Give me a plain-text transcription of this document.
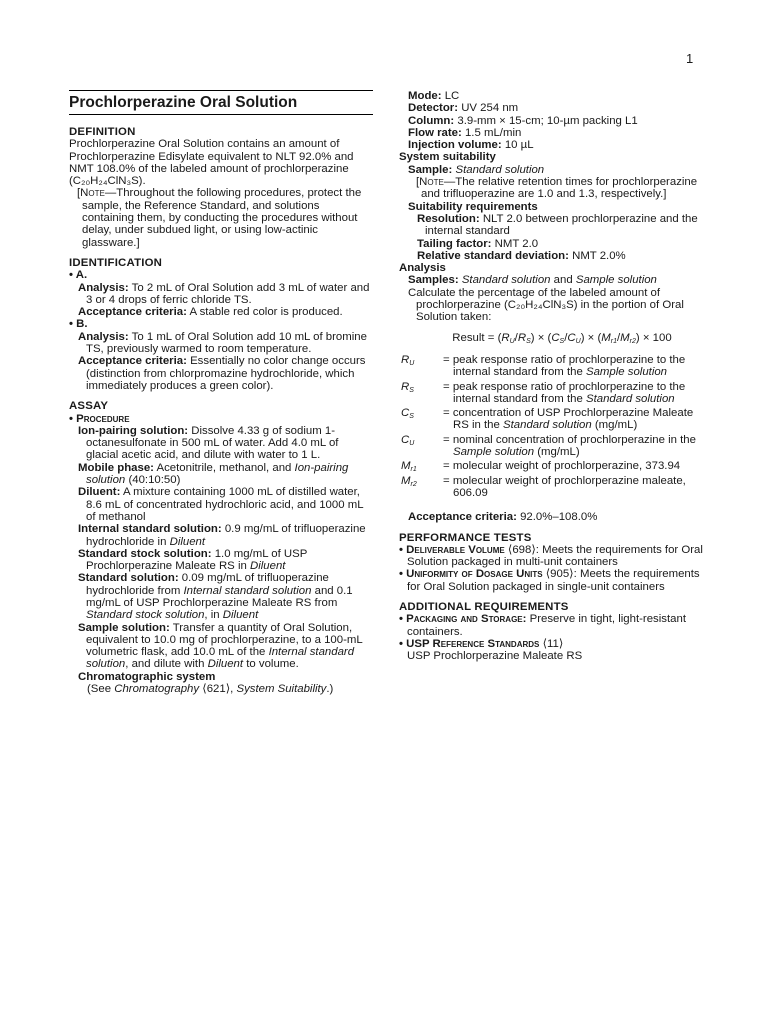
1
Prochlorperazine Oral Solution
DEFINITION

Prochlorperazine Oral Solution contains an amount of Prochlorperazine Edisylate equivalent to NLT 92.0% and NMT 108.0% of the labeled amount of prochlorperazine (C₂₀H₂₄ClN₃S).

[Note—Throughout the following procedures, protect the sample, the Reference Standard, and solutions containing them, by conducting the procedures without delay, under subdued light, or using low-actinic glassware.]

IDENTIFICATION

• A.

Analysis: To 2 mL of Oral Solution add 3 mL of water and 3 or 4 drops of ferric chloride TS.

Acceptance criteria: A stable red color is produced.

• B.

Analysis: To 1 mL of Oral Solution add 10 mL of bromine TS, previously warmed to room temperature.

Acceptance criteria: Essentially no color change occurs (distinction from chlorpromazine hydrochloride, which immediately produces a green color).

ASSAY

• Procedure

Ion-pairing solution: Dissolve 4.33 g of sodium 1-octanesulfonate in 500 mL of water. Add 4.0 mL of glacial acetic acid, and dilute with water to 1 L.

Mobile phase: Acetonitrile, methanol, and Ion-pairing solution (40:10:50)

Diluent: A mixture containing 1000 mL of distilled water, 8.6 mL of concentrated hydrochloric acid, and 1000 mL of methanol

Internal standard solution: 0.9 mg/mL of trifluoperazine hydrochloride in Diluent

Standard stock solution: 1.0 mg/mL of USP Prochlorperazine Maleate RS in Diluent

Standard solution: 0.09 mg/mL of trifluoperazine hydrochloride from Internal standard solution and 0.1 mg/mL of USP Prochlorperazine Maleate RS from Standard stock solution, in Diluent

Sample solution: Transfer a quantity of Oral Solution, equivalent to 10.0 mg of prochlorperazine, to a 100-mL volumetric flask, add 10.0 mL of the Internal standard solution, and dilute with Diluent to volume.

Chromatographic system

(See Chromatography ⟨621⟩, System Suitability.)

Mode: LC

Detector: UV 254 nm

Column: 3.9-mm × 15-cm; 10-µm packing L1

Flow rate: 1.5 mL/min

Injection volume: 10 µL

System suitability

Sample: Standard solution

[Note—The relative retention times for prochlorperazine and trifluoperazine are 1.0 and 1.3, respectively.]

Suitability requirements

Resolution: NLT 2.0 between prochlorperazine and the internal standard

Tailing factor: NMT 2.0

Relative standard deviation: NMT 2.0%

Analysis

Samples: Standard solution and Sample solution

Calculate the percentage of the labeled amount of prochlorperazine (C₂₀H₂₄ClN₃S) in the portion of Oral Solution taken:

Result = $(R_U/R_S) \times (C_S/C_U) \times (M_{r1}/M_{r2}) \times 100$
$R_U$	= peak response ratio of prochlorperazine to the internal standard from the Sample solution
$R_S$	= peak response ratio of prochlorperazine to the internal standard from the Standard solution
$C_S$	= concentration of USP Prochlorperazine Maleate RS in the Standard solution (mg/mL)
$C_U$	= nominal concentration of prochlorperazine in the Sample solution (mg/mL)
$M_{r1}$	= molecular weight of prochlorperazine, 373.94
$M_{r2}$	= molecular weight of prochlorperazine maleate, 606.09

Acceptance criteria: 92.0%–108.0%

PERFORMANCE TESTS

• Deliverable Volume ⟨698⟩: Meets the requirements for Oral Solution packaged in multi-unit containers

• Uniformity of Dosage Units ⟨905⟩: Meets the requirements for Oral Solution packaged in single-unit containers

ADDITIONAL REQUIREMENTS

• Packaging and Storage: Preserve in tight, light-resistant containers.

• USP Reference Standards ⟨11⟩

USP Prochlorperazine Maleate RS
